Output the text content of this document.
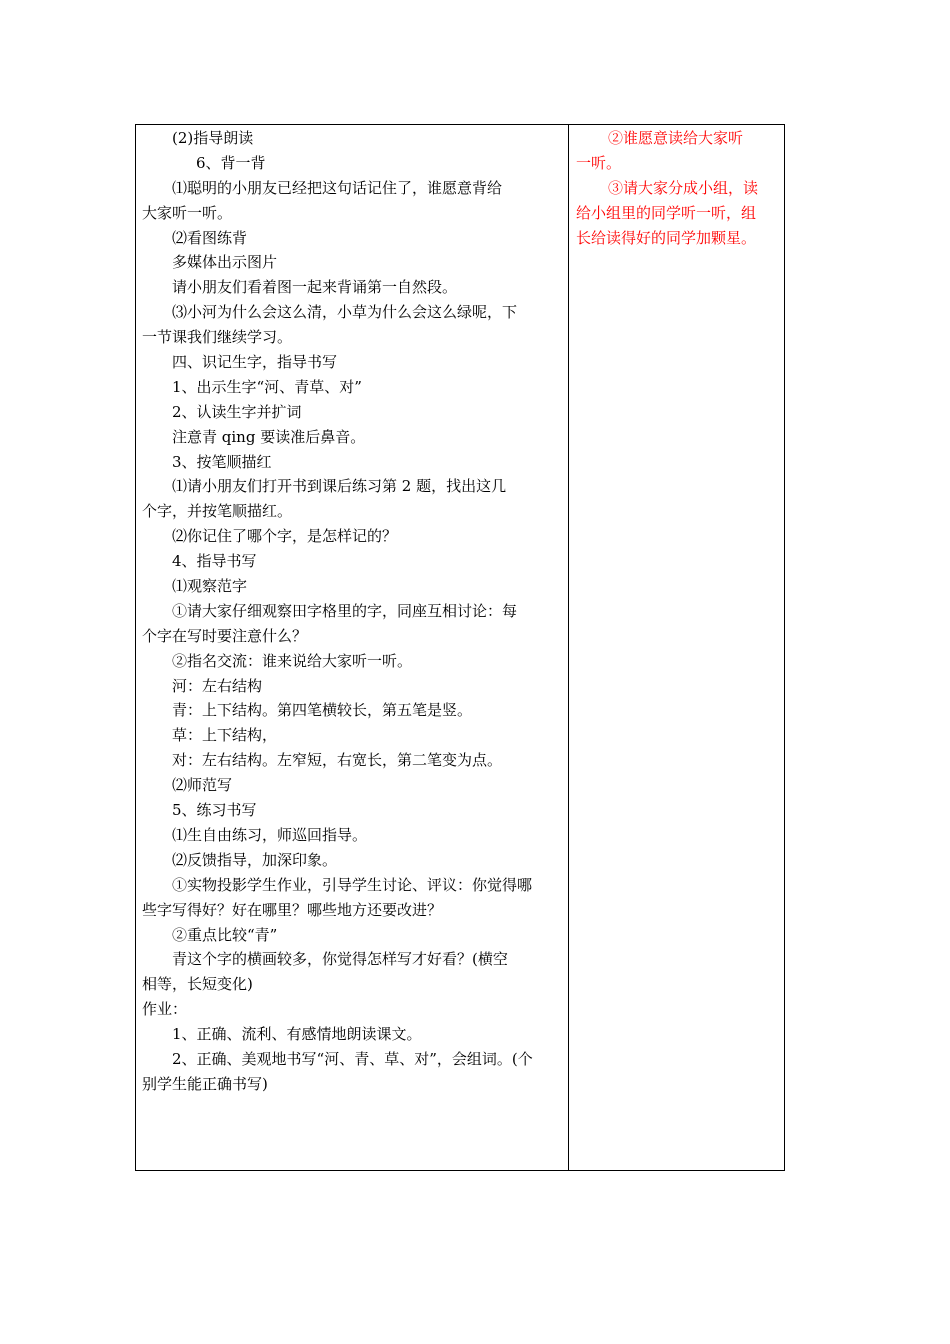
(2)指导朗读
6、背一背
⑴聪明的小朋友已经把这句话记住了，谁愿意背给
大家听一听。
⑵看图练背
多媒体出示图片
请小朋友们看着图一起来背诵第一自然段。
⑶小河为什么会这么清，小草为什么会这么绿呢，下
一节课我们继续学习。
四、识记生字，指导书写
1、出示生字“河、青草、对”
2、认读生字并扩词
注意青 qing 要读准后鼻音。
3、按笔顺描红
⑴请小朋友们打开书到课后练习第 2 题，找出这几
个字，并按笔顺描红。
⑵你记住了哪个字，是怎样记的？
4、指导书写
⑴观察范字
①请大家仔细观察田字格里的字，同座互相讨论：每
个字在写时要注意什么？
②指名交流：谁来说给大家听一听。
河：左右结构
青：上下结构。第四笔横较长，第五笔是竖。
草：上下结构，
对：左右结构。左窄短，右宽长，第二笔变为点。
⑵师范写
5、练习书写
⑴生自由练习，师巡回指导。
⑵反馈指导，加深印象。
①实物投影学生作业，引导学生讨论、评议：你觉得哪
些字写得好？好在哪里？哪些地方还要改进？
②重点比较“青”
青这个字的横画较多，你觉得怎样写才好看？(横空
相等，长短变化)
作业：
1、正确、流利、有感情地朗读课文。
2、正确、美观地书写“河、青、草、对”，会组词。(个
别学生能正确书写)
②谁愿意读给大家听
一听。
③请大家分成小组，读
给小组里的同学听一听，组
长给读得好的同学加颗星。
